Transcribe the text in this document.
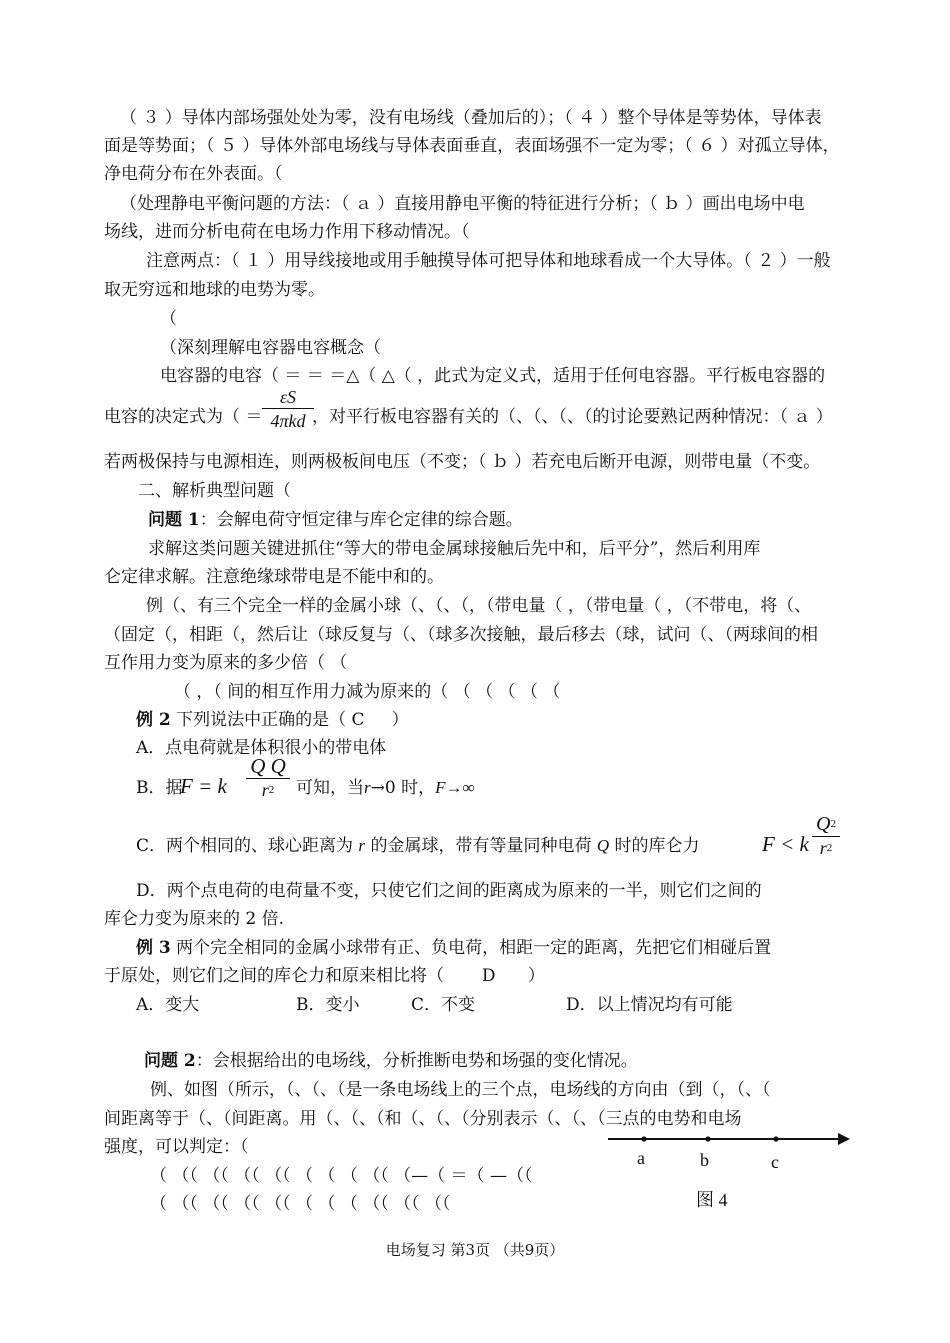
（ ３ ）导体内部场强处处为零，没有电场线（叠加后的）；（ ４ ）整个导体是等势体，导体表
面是等势面；（ ５ ）导体外部电场线与导体表面垂直，表面场强不一定为零；（ ６ ）对孤立导体，
净电荷分布在外表面。（
（处理静电平衡问题的方法：（ ａ ）直接用静电平衡的特征进行分析；（ ｂ ）画出电场中电
场线，进而分析电荷在电场力作用下移动情况。（
注意两点：（ １ ）用导线接地或用手触摸导体可把导体和地球看成一个大导体。（ ２ ）一般
取无穷远和地球的电势为零。
（
（深刻理解电容器电容概念（
电容器的电容（ ＝ ＝ ＝△（ △（ ，此式为定义式，适用于任何电容器。平行板电容器的
电容的决定式为（ ＝
εS
4πkd ，对平行板电容器有关的（、（、（、（的讨论要熟记两种情况：（ ａ ）
若两极保持与电源相连，则两极板间电压（不变；（ ｂ ）若充电后断开电源，则带电量（不变。
二、解析典型问题（
问题 1：会解电荷守恒定律与库仑定律的综合题。
求解这类问题关键进抓住“等大的带电金属球接触后先中和，后平分”，然后利用库
仑定律求解。注意绝缘球带电是不能中和的。
例（、有三个完全一样的金属小球（、（、（，（带电量（ ，（带电量（ ，（不带电，将（、
（固定（，相距（，然后让（球反复与（、（球多次接触，最后移去（球，试问（、（两球间的相
互作用力变为原来的多少倍（ （
（ ，（ 间的相互作用力减为原来的（ （ （ （ （ （
例 2 下列说法中正确的是（ C     ）
A．点电荷就是体积很小的带电体
B．据
F = k
Q Q
$r^2$	可知，当r→0 时，F→∞
C．两个相同的、球心距离为 r 的金属球，带有等量同种电荷 Q 时的库仑力	F < k
$Q^2$
$r^2$
D．两个点电荷的电荷量不变，只使它们之间的距离成为原来的一半，则它们之间的
库仑力变为原来的 2 倍.
例 3 两个完全相同的金属小球带有正、负电荷，相距一定的距离，先把它们相碰后置
于原处，则它们之间的库仑力和原来相比将（       D      ）
A．变大	B．变小	C．不变	D．以上情况均有可能
问题 2：会根据给出的电场线，分析推断电势和场强的变化情况。
例、如图（所示，（、（、（是一条电场线上的三个点，电场线的方向由（到（，（、（
间距离等于（、（间距离。用（、（、（和（、（、（分别表示（、（、（三点的电势和电场
强度，可以判定：（
（ （（ （（ （（ （（ （ （ （ （（ （—（ ＝（ —（（
（ （（ （（ （（ （（ （ （ （ （（ （（ （（
a	b	c
图 4
电场复习 第3页 （共9页）
